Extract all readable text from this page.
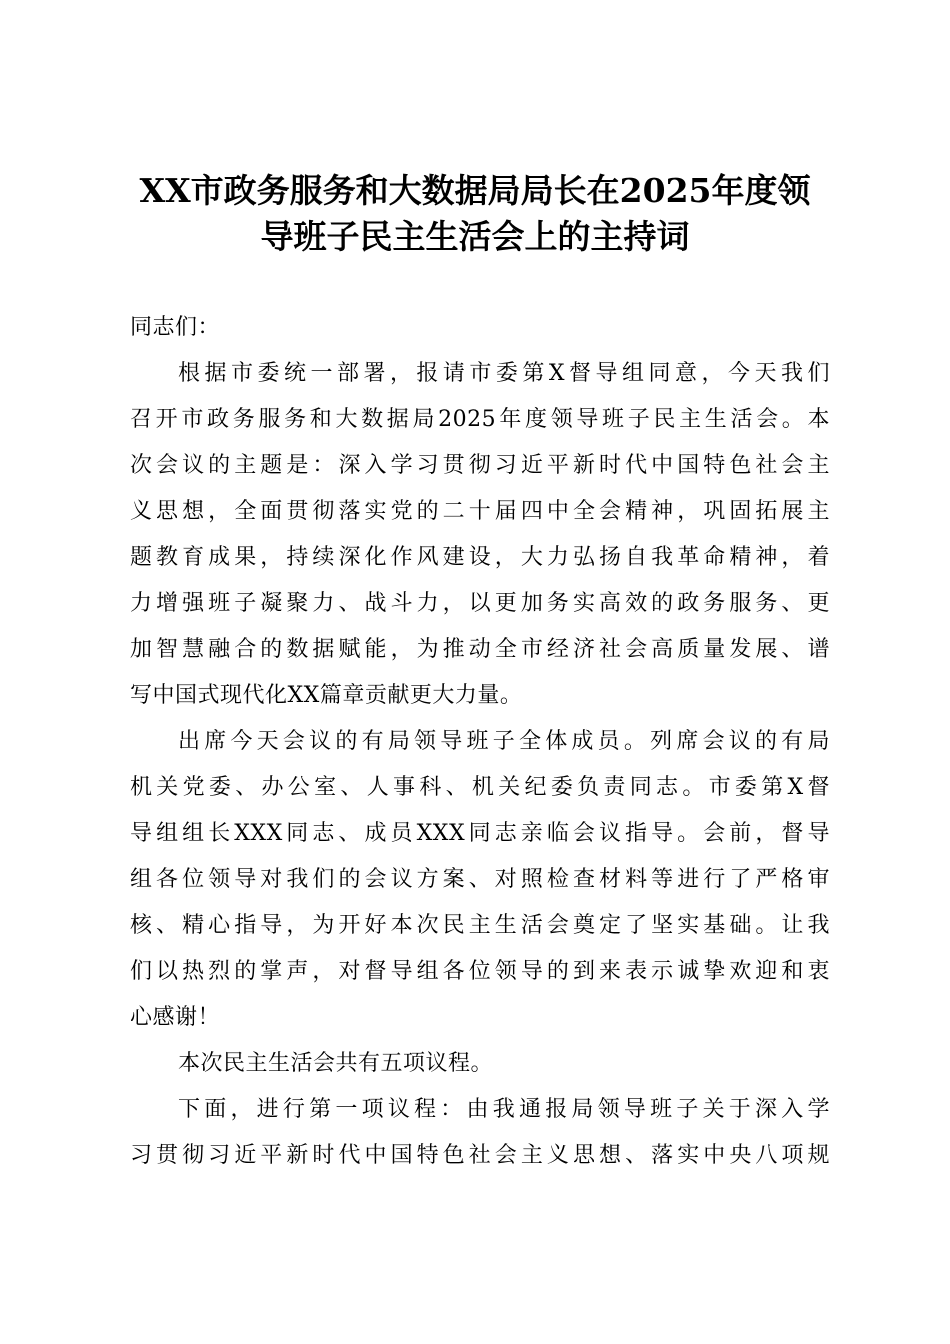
XX市政务服务和大数据局局长在2025年度领
导班子民主生活会上的主持词
同志们：
根据市委统一部署，报请市委第X督导组同意，今天我们
召开市政务服务和大数据局2025年度领导班子民主生活会。本
次会议的主题是：深入学习贯彻习近平新时代中国特色社会主
义思想，全面贯彻落实党的二十届四中全会精神，巩固拓展主
题教育成果，持续深化作风建设，大力弘扬自我革命精神，着
力增强班子凝聚力、战斗力，以更加务实高效的政务服务、更
加智慧融合的数据赋能，为推动全市经济社会高质量发展、谱
写中国式现代化XX篇章贡献更大力量。
出席今天会议的有局领导班子全体成员。列席会议的有局
机关党委、办公室、人事科、机关纪委负责同志。市委第X督
导组组长XXX同志、成员XXX同志亲临会议指导。会前，督导
组各位领导对我们的会议方案、对照检查材料等进行了严格审
核、精心指导，为开好本次民主生活会奠定了坚实基础。让我
们以热烈的掌声，对督导组各位领导的到来表示诚挚欢迎和衷
心感谢！
本次民主生活会共有五项议程。
下面，进行第一项议程：由我通报局领导班子关于深入学
习贯彻习近平新时代中国特色社会主义思想、落实中央八项规
